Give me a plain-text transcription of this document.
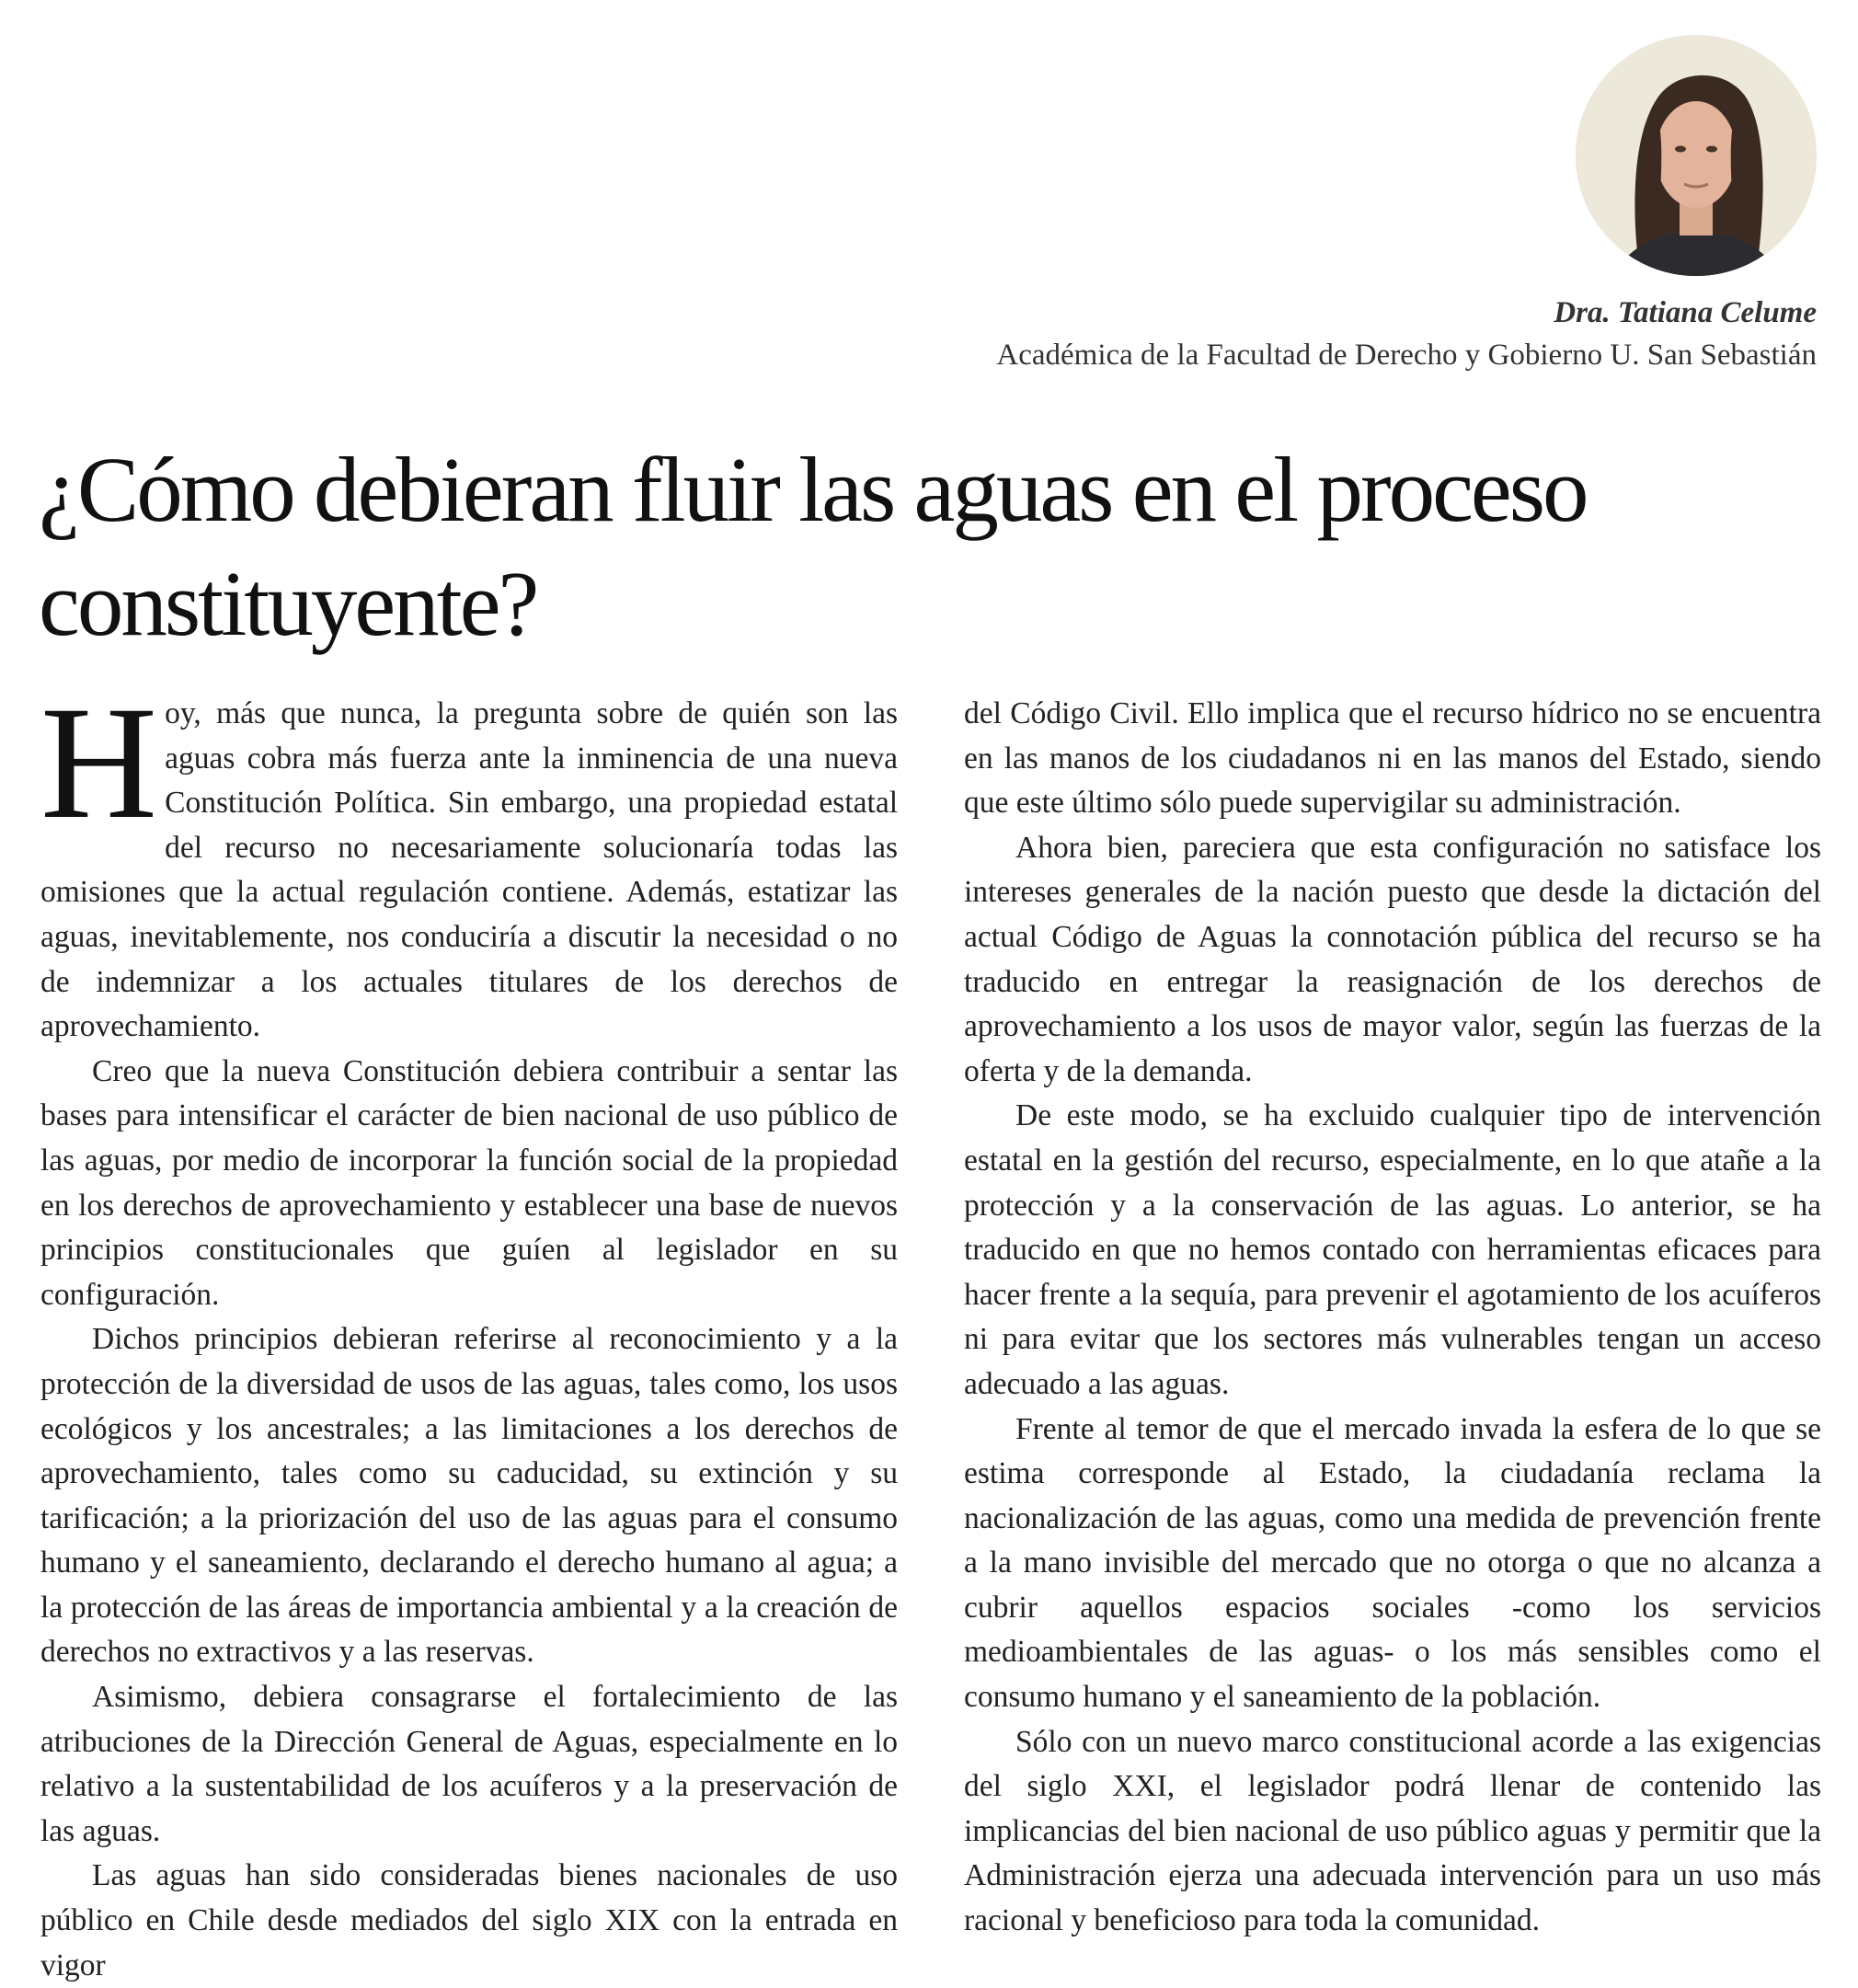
Dra. Tatiana Celume
Académica de la Facultad de Derecho y Gobierno U. San Sebastián
¿Cómo debieran fluir las aguas en el proceso constituyente?

Hoy, más que nunca, la pregunta sobre de quién son las aguas cobra más fuerza ante la inminencia de una nueva Constitución Política. Sin embargo, una propiedad estatal del recurso no necesariamente solucionaría todas las omisiones que la actual regulación contiene. Además, estatizar las aguas, inevitablemente, nos conduciría a discutir la necesidad o no de indemnizar a los actuales titulares de los derechos de aprovechamiento.

Creo que la nueva Constitución debiera contribuir a sentar las bases para intensificar el carácter de bien nacional de uso público de las aguas, por medio de incorporar la función social de la propiedad en los derechos de aprovechamiento y establecer una base de nuevos principios constitucionales que guíen al legislador en su configuración.

Dichos principios debieran referirse al reconocimiento y a la protección de la diversidad de usos de las aguas, tales como, los usos ecológicos y los ancestrales; a las limitaciones a los derechos de aprovechamiento, tales como su caducidad, su extinción y su tarificación; a la priorización del uso de las aguas para el consumo humano y el saneamiento, declarando el derecho humano al agua; a la protección de las áreas de importancia ambiental y a la creación de derechos no extractivos y a las reservas.

Asimismo, debiera consagrarse el fortalecimiento de las atribuciones de la Dirección General de Aguas, especialmente en lo relativo a la sustentabilidad de los acuíferos y a la preservación de las aguas.

Las aguas han sido consideradas bienes nacionales de uso público en Chile desde mediados del siglo XIX con la entrada en vigor

del Código Civil. Ello implica que el recurso hídrico no se encuentra en las manos de los ciudadanos ni en las manos del Estado, siendo que este último sólo puede supervigilar su administración.

Ahora bien, pareciera que esta configuración no satisface los intereses generales de la nación puesto que desde la dictación del actual Código de Aguas la connotación pública del recurso se ha traducido en entregar la reasignación de los derechos de aprovechamiento a los usos de mayor valor, según las fuerzas de la oferta y de la demanda.

De este modo, se ha excluido cualquier tipo de intervención estatal en la gestión del recurso, especialmente, en lo que atañe a la protección y a la conservación de las aguas. Lo anterior, se ha traducido en que no hemos contado con herramientas eficaces para hacer frente a la sequía, para prevenir el agotamiento de los acuíferos ni para evitar que los sectores más vulnerables tengan un acceso adecuado a las aguas.

Frente al temor de que el mercado invada la esfera de lo que se estima corresponde al Estado, la ciudadanía reclama la nacionalización de las aguas, como una medida de prevención frente a la mano invisible del mercado que no otorga o que no alcanza a cubrir aquellos espacios sociales -como los servicios medioambientales de las aguas- o los más sensibles como el consumo humano y el saneamiento de la población.

Sólo con un nuevo marco constitucional acorde a las exigencias del siglo XXI, el legislador podrá llenar de contenido las implicancias del bien nacional de uso público aguas y permitir que la Administración ejerza una adecuada intervención para un uso más racional y beneficioso para toda la comunidad.
